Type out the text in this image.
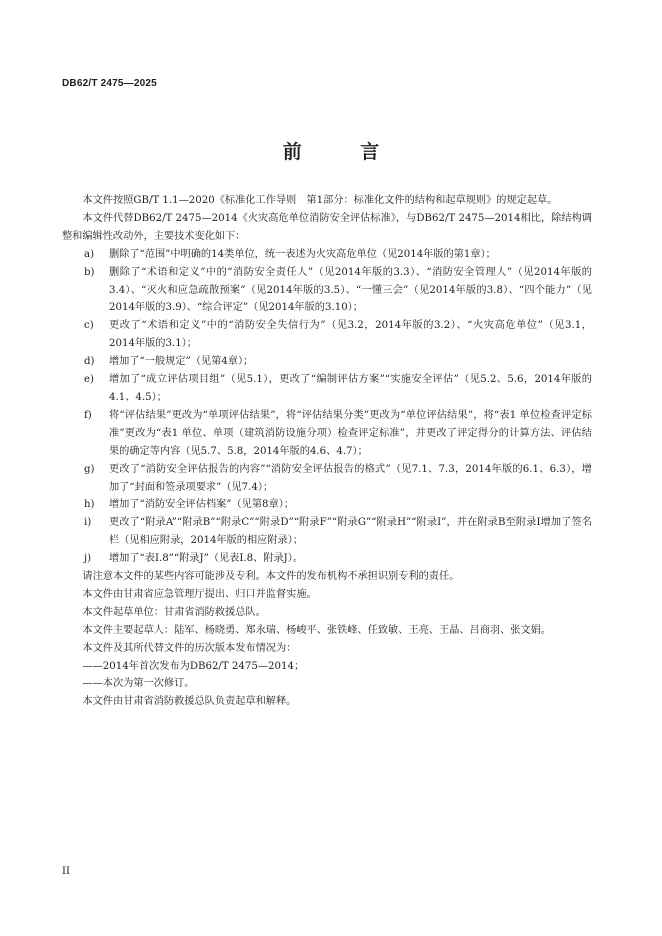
DB62/T 2475—2025
前 言

本文件按照GB/T 1.1—2020《标准化工作导则　第1部分：标准化文件的结构和起草规则》的规定起草。

本文件代替DB62/T 2475—2014《火灾高危单位消防安全评估标准》，与DB62/T 2475—2014相比，除结构调整和编辑性改动外，主要技术变化如下：

a)	删除了“范围”中明确的14类单位，统一表述为火灾高危单位（见2014年版的第1章）；
b)	删除了“术语和定义”中的“消防安全责任人”（见2014年版的3.3）、“消防安全管理人”（见2014年版的3.4）、“灭火和应急疏散预案”（见2014年版的3.5）、“一懂三会”（见2014年版的3.8）、“四个能力”（见2014年版的3.9）、“综合评定”（见2014年版的3.10）；
c)	更改了“术语和定义”中的“消防安全失信行为”（见3.2，2014年版的3.2）、“火灾高危单位”（见3.1，2014年版的3.1）；
d)	增加了“一般规定”（见第4章）；
e)	增加了“成立评估项目组”（见5.1），更改了“编制评估方案”“实施安全评估”（见5.2、5.6，2014年版的4.1、4.5）；
f)	将“评估结果”更改为“单项评估结果”，将“评估结果分类”更改为“单位评估结果”，将“表1 单位检查评定标准”更改为“表1 单位、单项（建筑消防设施分项）检查评定标准”，并更改了评定得分的计算方法、评估结果的确定等内容（见5.7、5.8，2014年版的4.6、4.7）；
g)	更改了“消防安全评估报告的内容”“消防安全评估报告的格式”（见7.1、7.3，2014年版的6.1、6.3），增加了“封面和签录项要求”（见7.4）；
h)	增加了“消防安全评估档案”（见第8章）；
i)	更改了“附录A”“附录B”“附录C”“附录D”“附录F”“附录G”“附录H”“附录I”，并在附录B至附录I增加了签名栏（见相应附录，2014年版的相应附录）；
j)	增加了“表I.8”“附录J”（见表I.8、附录J）。

请注意本文件的某些内容可能涉及专利。本文件的发布机构不承担识别专利的责任。

本文件由甘肃省应急管理厅提出、归口并监督实施。

本文件起草单位：甘肃省消防救援总队。

本文件主要起草人：陆军、杨晓勇、郑永瑞、杨峻平、张铁峰、任致敏、王亮、王晶、吕商羽、张文娟。

本文件及其所代替文件的历次版本发布情况为：

——2014年首次发布为DB62/T 2475—2014；

——本次为第一次修订。

本文件由甘肃省消防救援总队负责起草和解释。

II
